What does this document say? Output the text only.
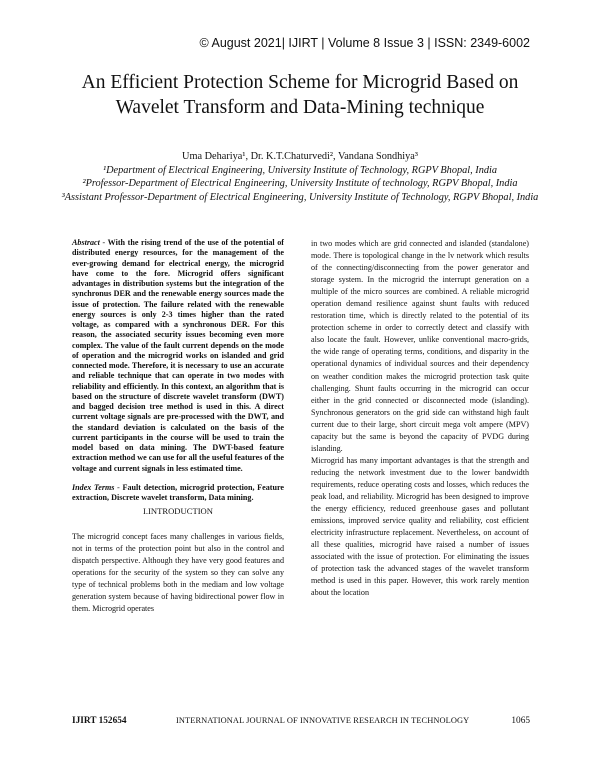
© August 2021| IJIRT | Volume 8 Issue 3 | ISSN: 2349-6002
An Efficient Protection Scheme for Microgrid Based on
Wavelet Transform and Data-Mining technique
Uma Dehariya¹, Dr. K.T.Chaturvedi², Vandana Sondhiya³
¹Department of Electrical Engineering, University Institute of Technology, RGPV Bhopal, India
²Professor-Department of Electrical Engineering, University Institute of technology, RGPV Bhopal, India
³Assistant Professor-Department of Electrical Engineering, University Institute of Technology, RGPV Bhopal, India

Abstract - With the rising trend of the use of the potential of distributed energy resources, for the management of the ever-growing demand for electrical energy, the microgrid have come to the fore. Microgrid offers significant advantages in distribution systems but the integration of the synchronus DER and the renewable energy sources made the issue of protection. The failure related with the renewable energy sources is only 2-3 times higher than the rated voltage, as compared with a synchronous DER. For this reason, the associated security issues becoming even more complex. The value of the fault current depends on the mode of operation and the microgrid works on islanded and grid connected mode. Therefore, it is necessary to use an accurate and reliable technique that can operate in two modes with reliability and efficiently. In this context, an algorithm that is based on the structure of discrete wavelet transform (DWT) and bagged decision tree method is used in this. A direct current voltage signals are pre-processed with the DWT, and the standard deviation is calculated on the basis of the current participants in the course will be used to train the model based on data mining. The DWT-based feature extraction method we can use for all the useful features of the voltage and current signals in less estimated time.

Index Terms - Fault detection, microgrid protection, Feature extraction, Discrete wavelet transform, Data mining.

I.INTRODUCTION

The microgrid concept faces many challenges in various fields, not in terms of the protection point but also in the control and dispatch perspective. Although they have very good features and operations for the security of the system so they can solve any type of technical problems both in the mediam and low voltage generation system because of having bidirectional power flow in them. Microgrid operates

in two modes which are grid connected and islanded (standalone) mode. There is topological change in the lv network which results of the connecting/disconnecting from the power generator and storage system. In the microgrid the interrupt generation on a multiple of the micro sources are combined. A reliable microgrid operation demand resilience against shunt faults with reduced restoration time, which is directly related to the potential of its protection scheme in order to correctly detect and classify with also locate the fault. However, unlike conventional macro-grids, the wide range of operating terms, conditions, and disparity in the operational dynamics of individual sources and their dependency on weather condition makes the microgrid protection task quite challenging. Shunt faults occurring in the microgrid can occur either in the grid connected or disconnected mode (islanding). Synchronous generators on the grid side can withstand high fault current due to their large, short circuit mega volt ampere (MPV) capacity but the same is beyond the capacity of PVDG during islanding.

Microgrid has many important advantages is that the strength and reducing the network investment due to the lower bandwidth requirements, reduce operating costs and losses, which reduces the peak load, and reliability. Microgrid has been designed to improve the energy efficiency, reduced greenhouse gases and pollutant emissions, improved service quality and reliability, cost efficient electricity infrastructure replacement. Nevertheless, on account of all these qualities, microgrid have raised a number of issues associated with the issue of protection. For eliminating the issues of protection task the advanced stages of the wavelet transform method is used in this paper. However, this work rarely mention about the location

IJIRT 152654	INTERNATIONAL JOURNAL OF INNOVATIVE RESEARCH IN TECHNOLOGY	1065
